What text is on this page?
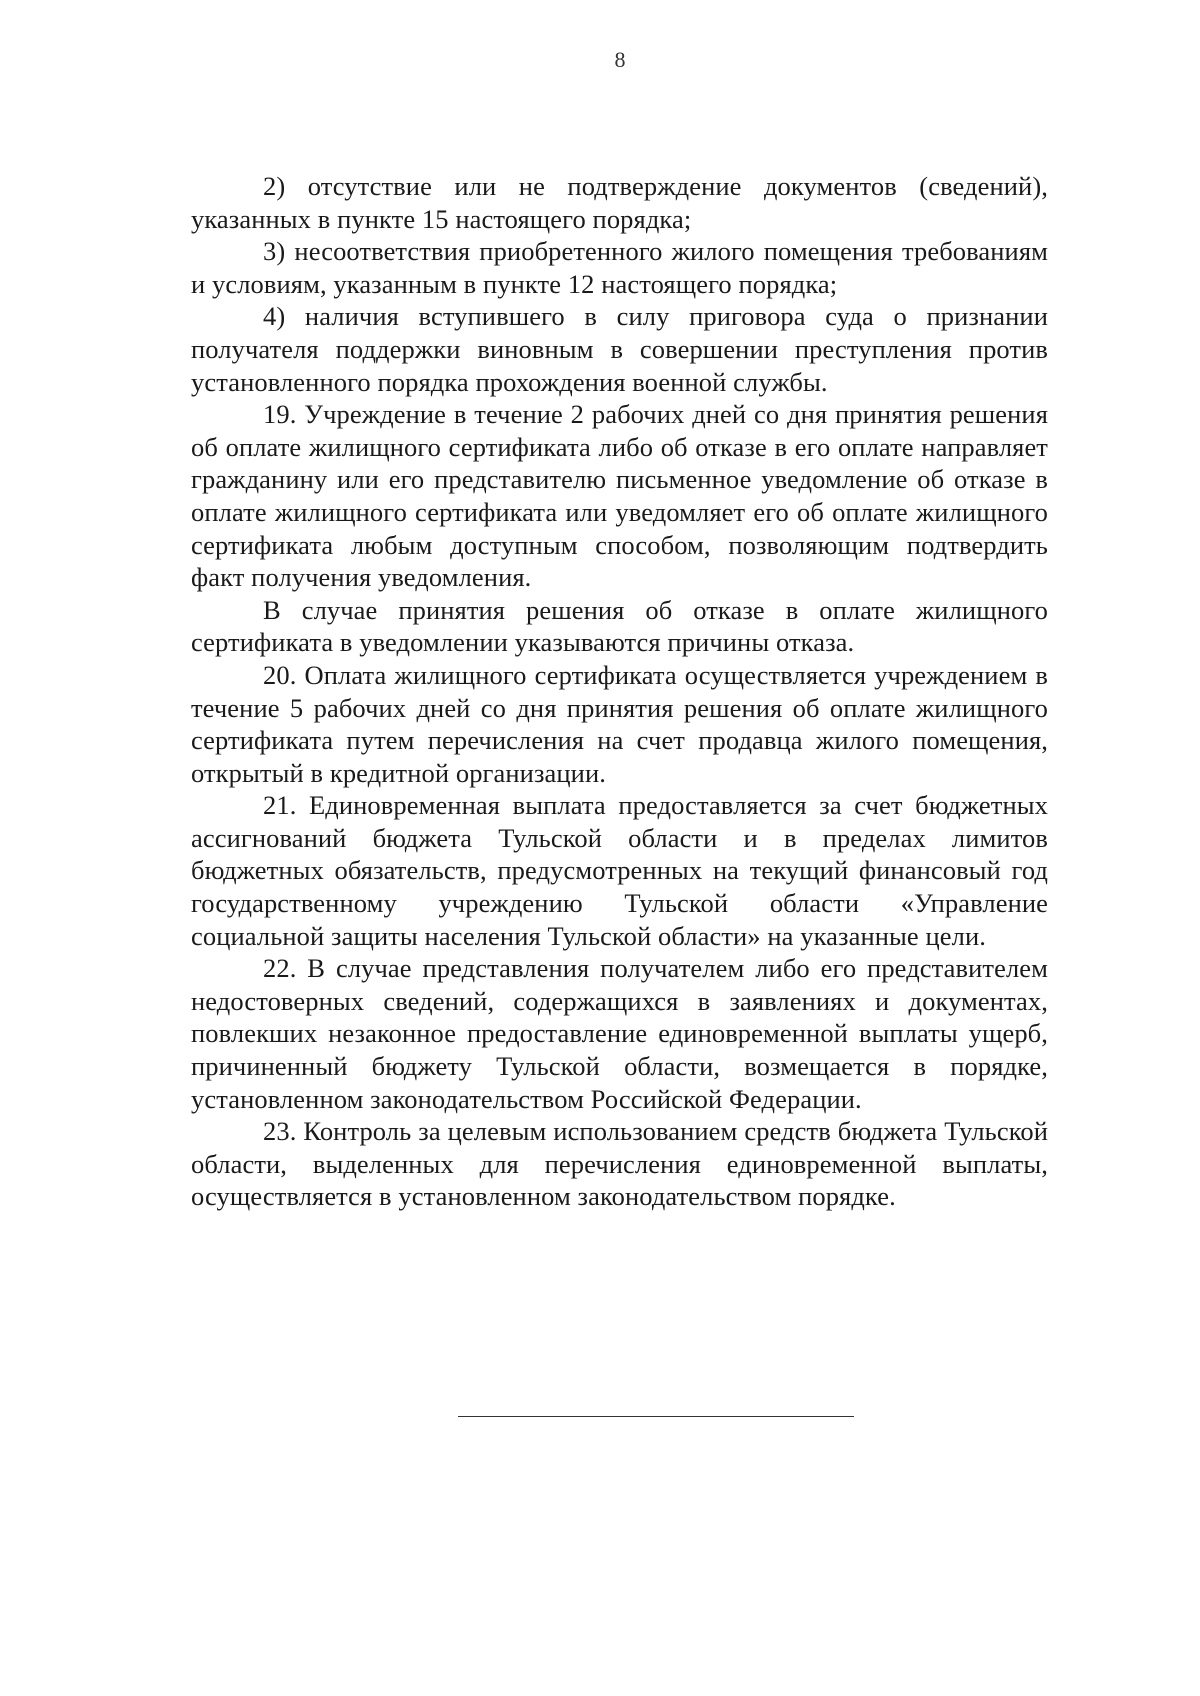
8

2) отсутствие или не подтверждение документов (сведений), указанных в пункте 15 настоящего порядка;

3) несоответствия приобретенного жилого помещения требованиям и условиям, указанным в пункте 12 настоящего порядка;

4) наличия вступившего в силу приговора суда о признании получателя поддержки виновным в совершении преступления против установленного порядка прохождения военной службы.

19. Учреждение в течение 2 рабочих дней со дня принятия решения об оплате жилищного сертификата либо об отказе в его оплате направляет гражданину или его представителю письменное уведомление об отказе в оплате жилищного сертификата или уведомляет его об оплате жилищного сертификата любым доступным способом, позволяющим подтвердить факт получения уведомления.

В случае принятия решения об отказе в оплате жилищного сертификата в уведомлении указываются причины отказа.

20. Оплата жилищного сертификата осуществляется учреждением в течение 5 рабочих дней со дня принятия решения об оплате жилищного сертификата путем перечисления на счет продавца жилого помещения, открытый в кредитной организации.

21. Единовременная выплата предоставляется за счет бюджетных ассигнований бюджета Тульской области и в пределах лимитов бюджетных обязательств, предусмотренных на текущий финансовый год государственному учреждению Тульской области «Управление социальной защиты населения Тульской области» на указанные цели.

22. В случае представления получателем либо его представителем недостоверных сведений, содержащихся в заявлениях и документах, повлекших незаконное предоставление единовременной выплаты ущерб, причиненный бюджету Тульской области, возмещается в порядке, установленном законодательством Российской Федерации.

23. Контроль за целевым использованием средств бюджета Тульской области, выделенных для перечисления единовременной выплаты, осуществляется в установленном законодательством порядке.
